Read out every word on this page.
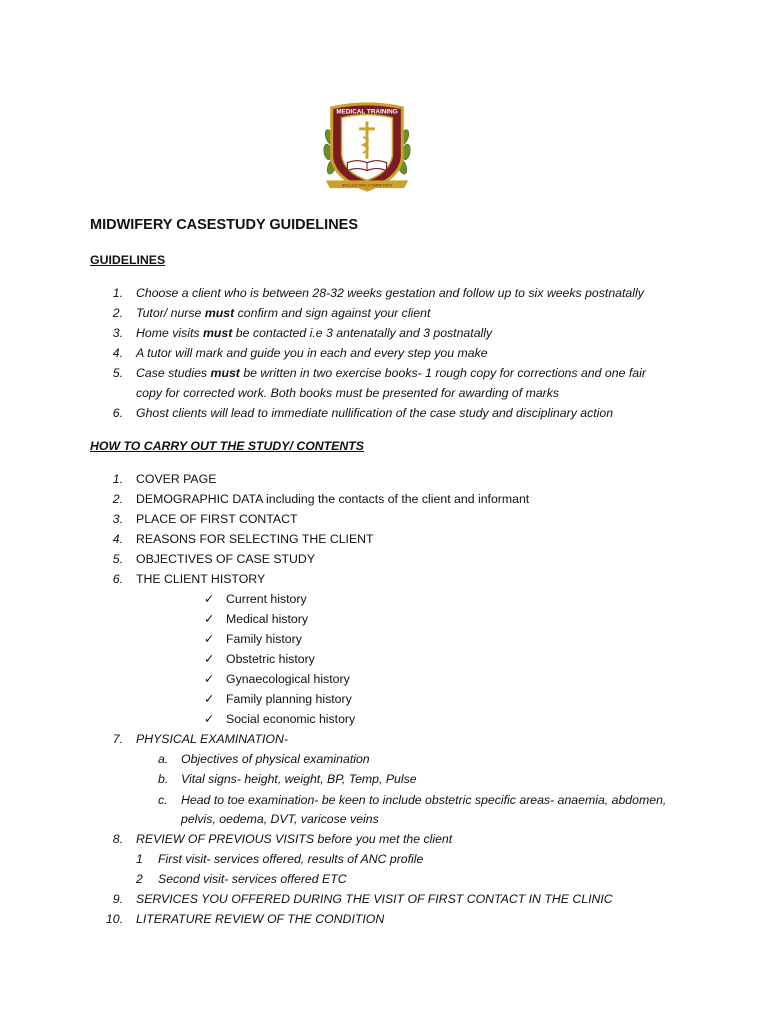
MEDICAL TRAINING
SKILLED AND COMPETENT
MIDWIFERY CASESTUDY GUIDELINES
GUIDELINES
1. Choose a client who is between 28-32 weeks gestation and follow up to six weeks postnatally
2. Tutor/ nurse must confirm and sign against your client
3. Home visits must be contacted i.e 3 antenatally and 3 postnatally
4. A tutor will mark and guide you in each and every step you make
5. Case studies must be written in two exercise books- 1 rough copy for corrections and one fair
copy for corrected work. Both books must be presented for awarding of marks
6. Ghost clients will lead to immediate nullification of the case study and disciplinary action
HOW TO CARRY OUT THE STUDY/ CONTENTS
1. COVER PAGE
2. DEMOGRAPHIC DATA including the contacts of the client and informant
3. PLACE OF FIRST CONTACT
4. REASONS FOR SELECTING THE CLIENT
5. OBJECTIVES OF CASE STUDY
6. THE CLIENT HISTORY
✓ Current history
✓ Medical history
✓ Family history
✓ Obstetric history
✓ Gynaecological history
✓ Family planning history
✓ Social economic history
7. PHYSICAL EXAMINATION-
a. Objectives of physical examination
b. Vital signs- height, weight, BP, Temp, Pulse
c. Head to toe examination- be keen to include obstetric specific areas- anaemia, abdomen,
pelvis, oedema, DVT, varicose veins
8. REVIEW OF PREVIOUS VISITS before you met the client
1 First visit- services offered, results of ANC profile
2 Second visit- services offered ETC
9. SERVICES YOU OFFERED DURING THE VISIT OF FIRST CONTACT IN THE CLINIC
10. LITERATURE REVIEW OF THE CONDITION
